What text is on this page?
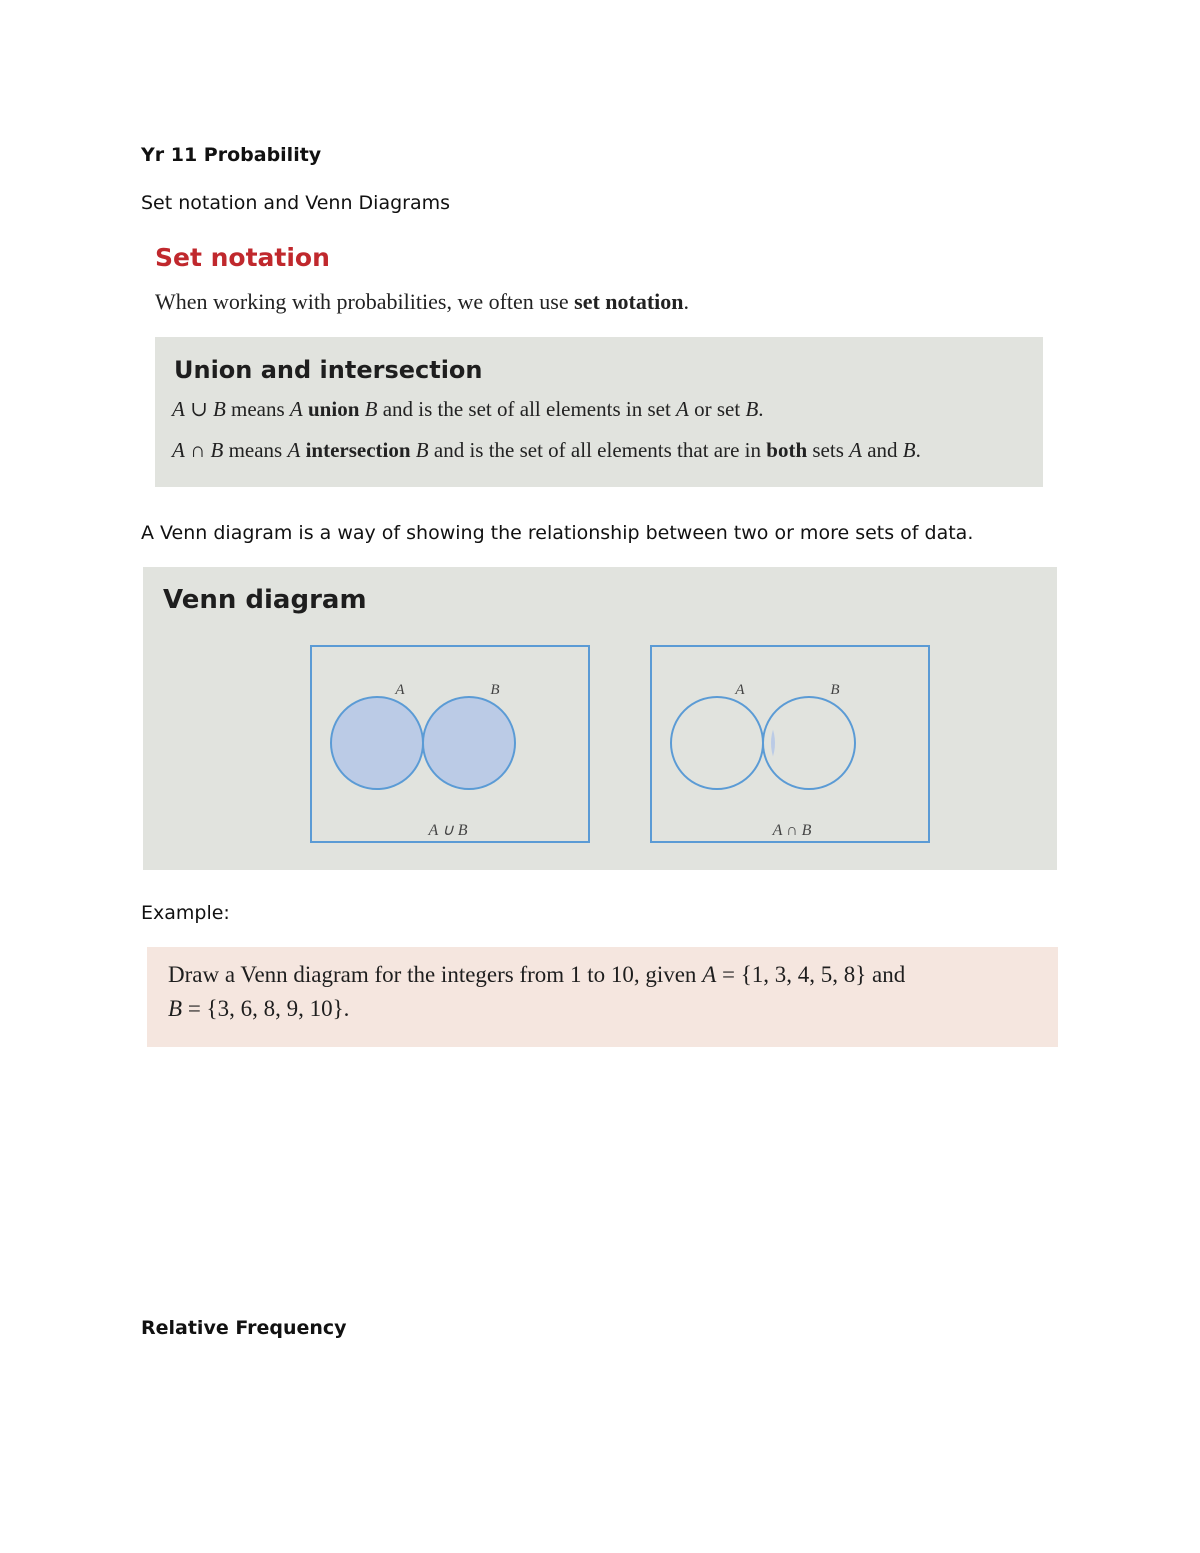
Yr 11 Probability
Set notation and Venn Diagrams
Set notation
When working with probabilities, we often use set notation.
Union and intersection
A ∪ B means A union B and is the set of all elements in set A or set B.
A ∩ B means A intersection B and is the set of all elements that are in both sets A and B.
A Venn diagram is a way of showing the relationship between two or more sets of data.
Venn diagram
A	B
A ∪ B
A	B
A ∩ B
Example:
Draw a Venn diagram for the integers from 1 to 10, given A = {1, 3, 4, 5, 8} and
B = {3, 6, 8, 9, 10}.
Relative Frequency
